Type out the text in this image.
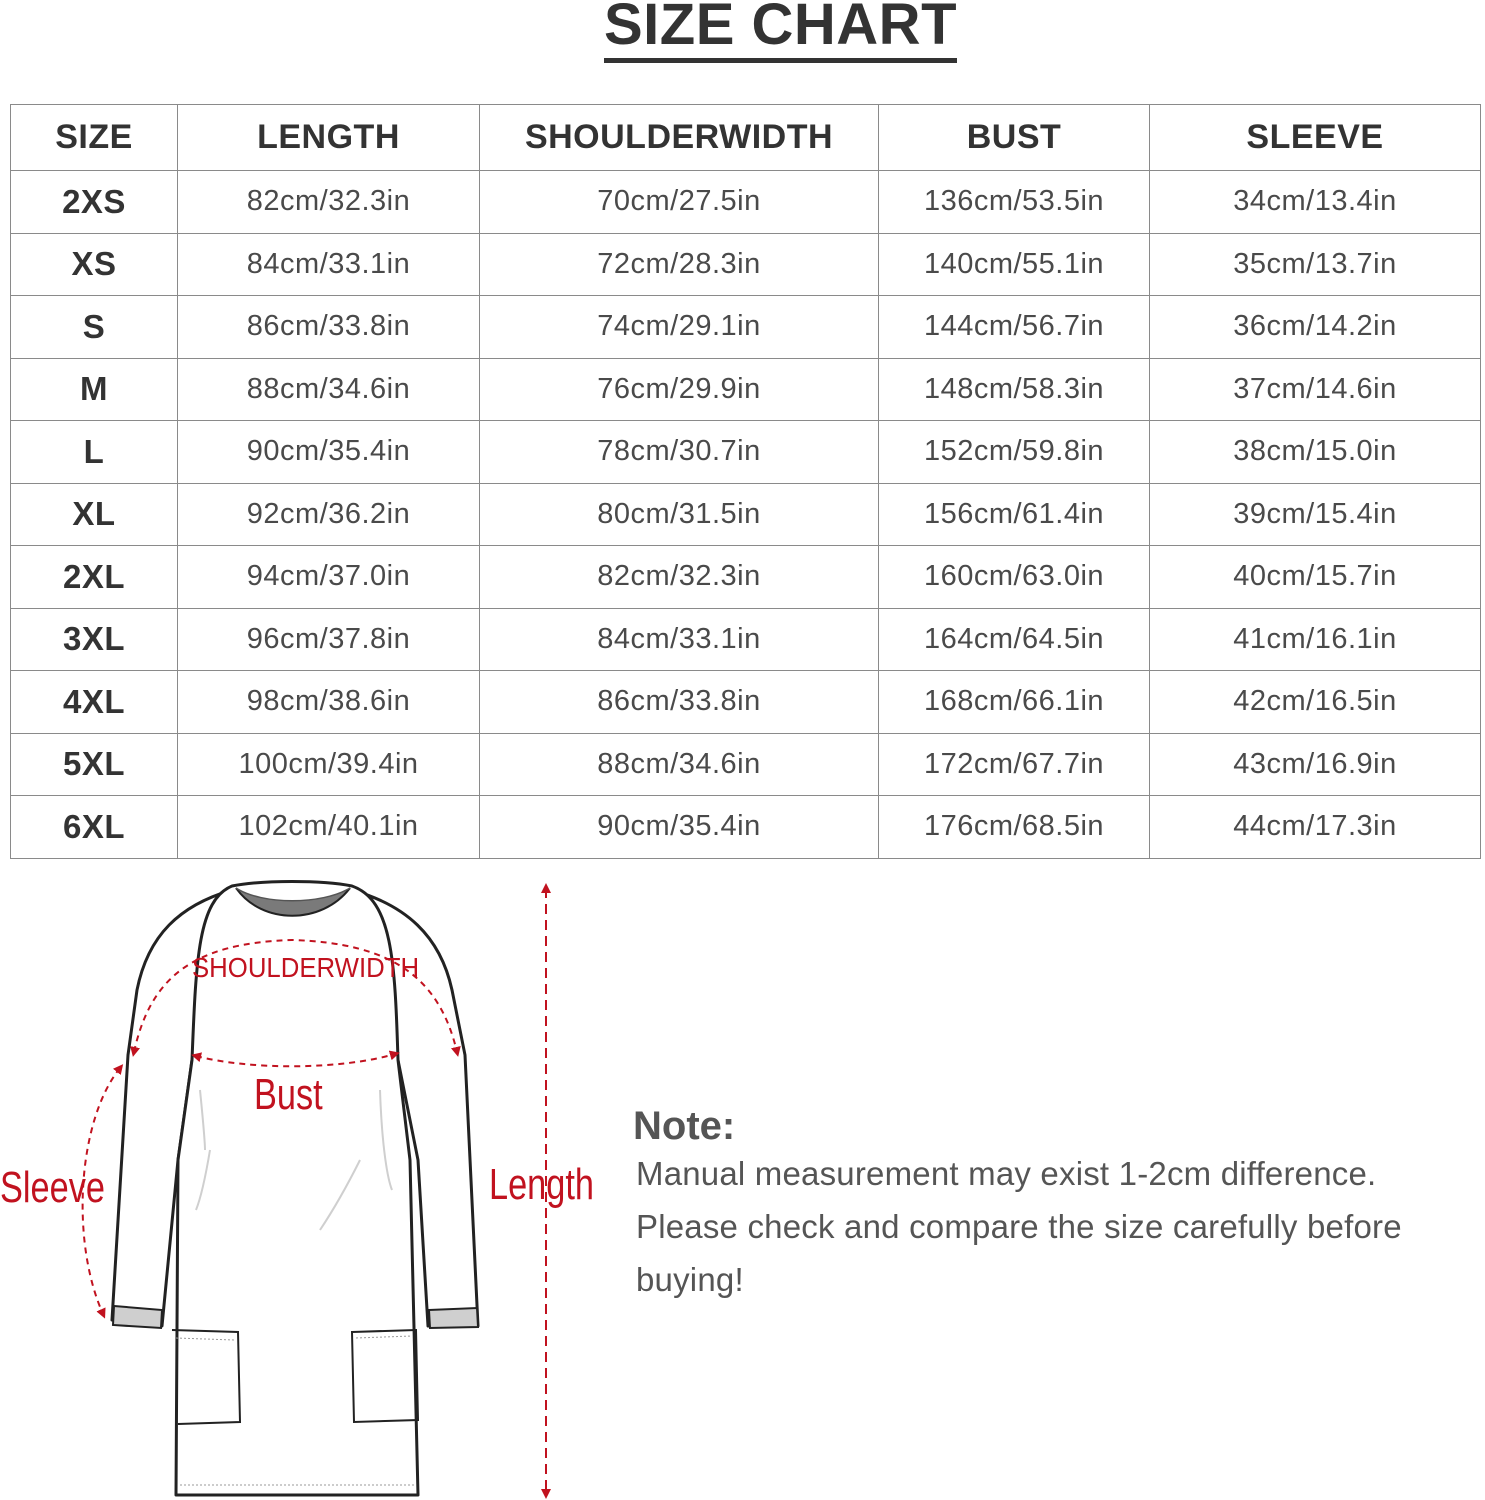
SIZE CHART
SIZE	LENGTH	SHOULDERWIDTH	BUST	SLEEVE
2XS	82cm/32.3in	70cm/27.5in	136cm/53.5in	34cm/13.4in
XS	84cm/33.1in	72cm/28.3in	140cm/55.1in	35cm/13.7in
S	86cm/33.8in	74cm/29.1in	144cm/56.7in	36cm/14.2in
M	88cm/34.6in	76cm/29.9in	148cm/58.3in	37cm/14.6in
L	90cm/35.4in	78cm/30.7in	152cm/59.8in	38cm/15.0in
XL	92cm/36.2in	80cm/31.5in	156cm/61.4in	39cm/15.4in
2XL	94cm/37.0in	82cm/32.3in	160cm/63.0in	40cm/15.7in
3XL	96cm/37.8in	84cm/33.1in	164cm/64.5in	41cm/16.1in
4XL	98cm/38.6in	86cm/33.8in	168cm/66.1in	42cm/16.5in
5XL	100cm/39.4in	88cm/34.6in	172cm/67.7in	43cm/16.9in
6XL	102cm/40.1in	90cm/35.4in	176cm/68.5in	44cm/17.3in
SHOULDERWIDTH
Bust
Sleeve	Length
Note:
Manual measurement may exist 1-2cm difference.
Please check and compare the size carefully before
buying!
